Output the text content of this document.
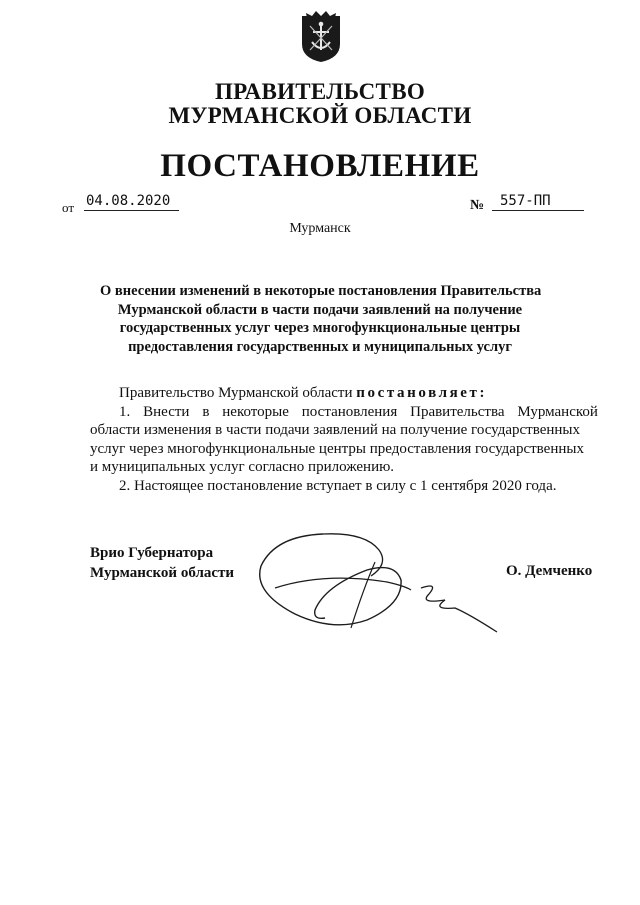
ПРАВИТЕЛЬСТВО
МУРМАНСКОЙ ОБЛАСТИ
ПОСТАНОВЛЕНИЕ
от 04.08.2020	№	557-ПП
Мурманск
О внесении изменений в некоторые постановления Правительства
Мурманской области в части подачи заявлений на получение
государственных услуг через многофункциональные центры
предоставления государственных и муниципальных услуг
Правительство Мурманской области постановляет:
1. Внести в некоторые постановления Правительства Мурманской
области изменения в части подачи заявлений на получение государственных
услуг через многофункциональные центры предоставления государственных
и муниципальных услуг согласно приложению.
2. Настоящее постановление вступает в силу с 1 сентября 2020 года.
Врио Губернатора
Мурманской области	О. Демченко
